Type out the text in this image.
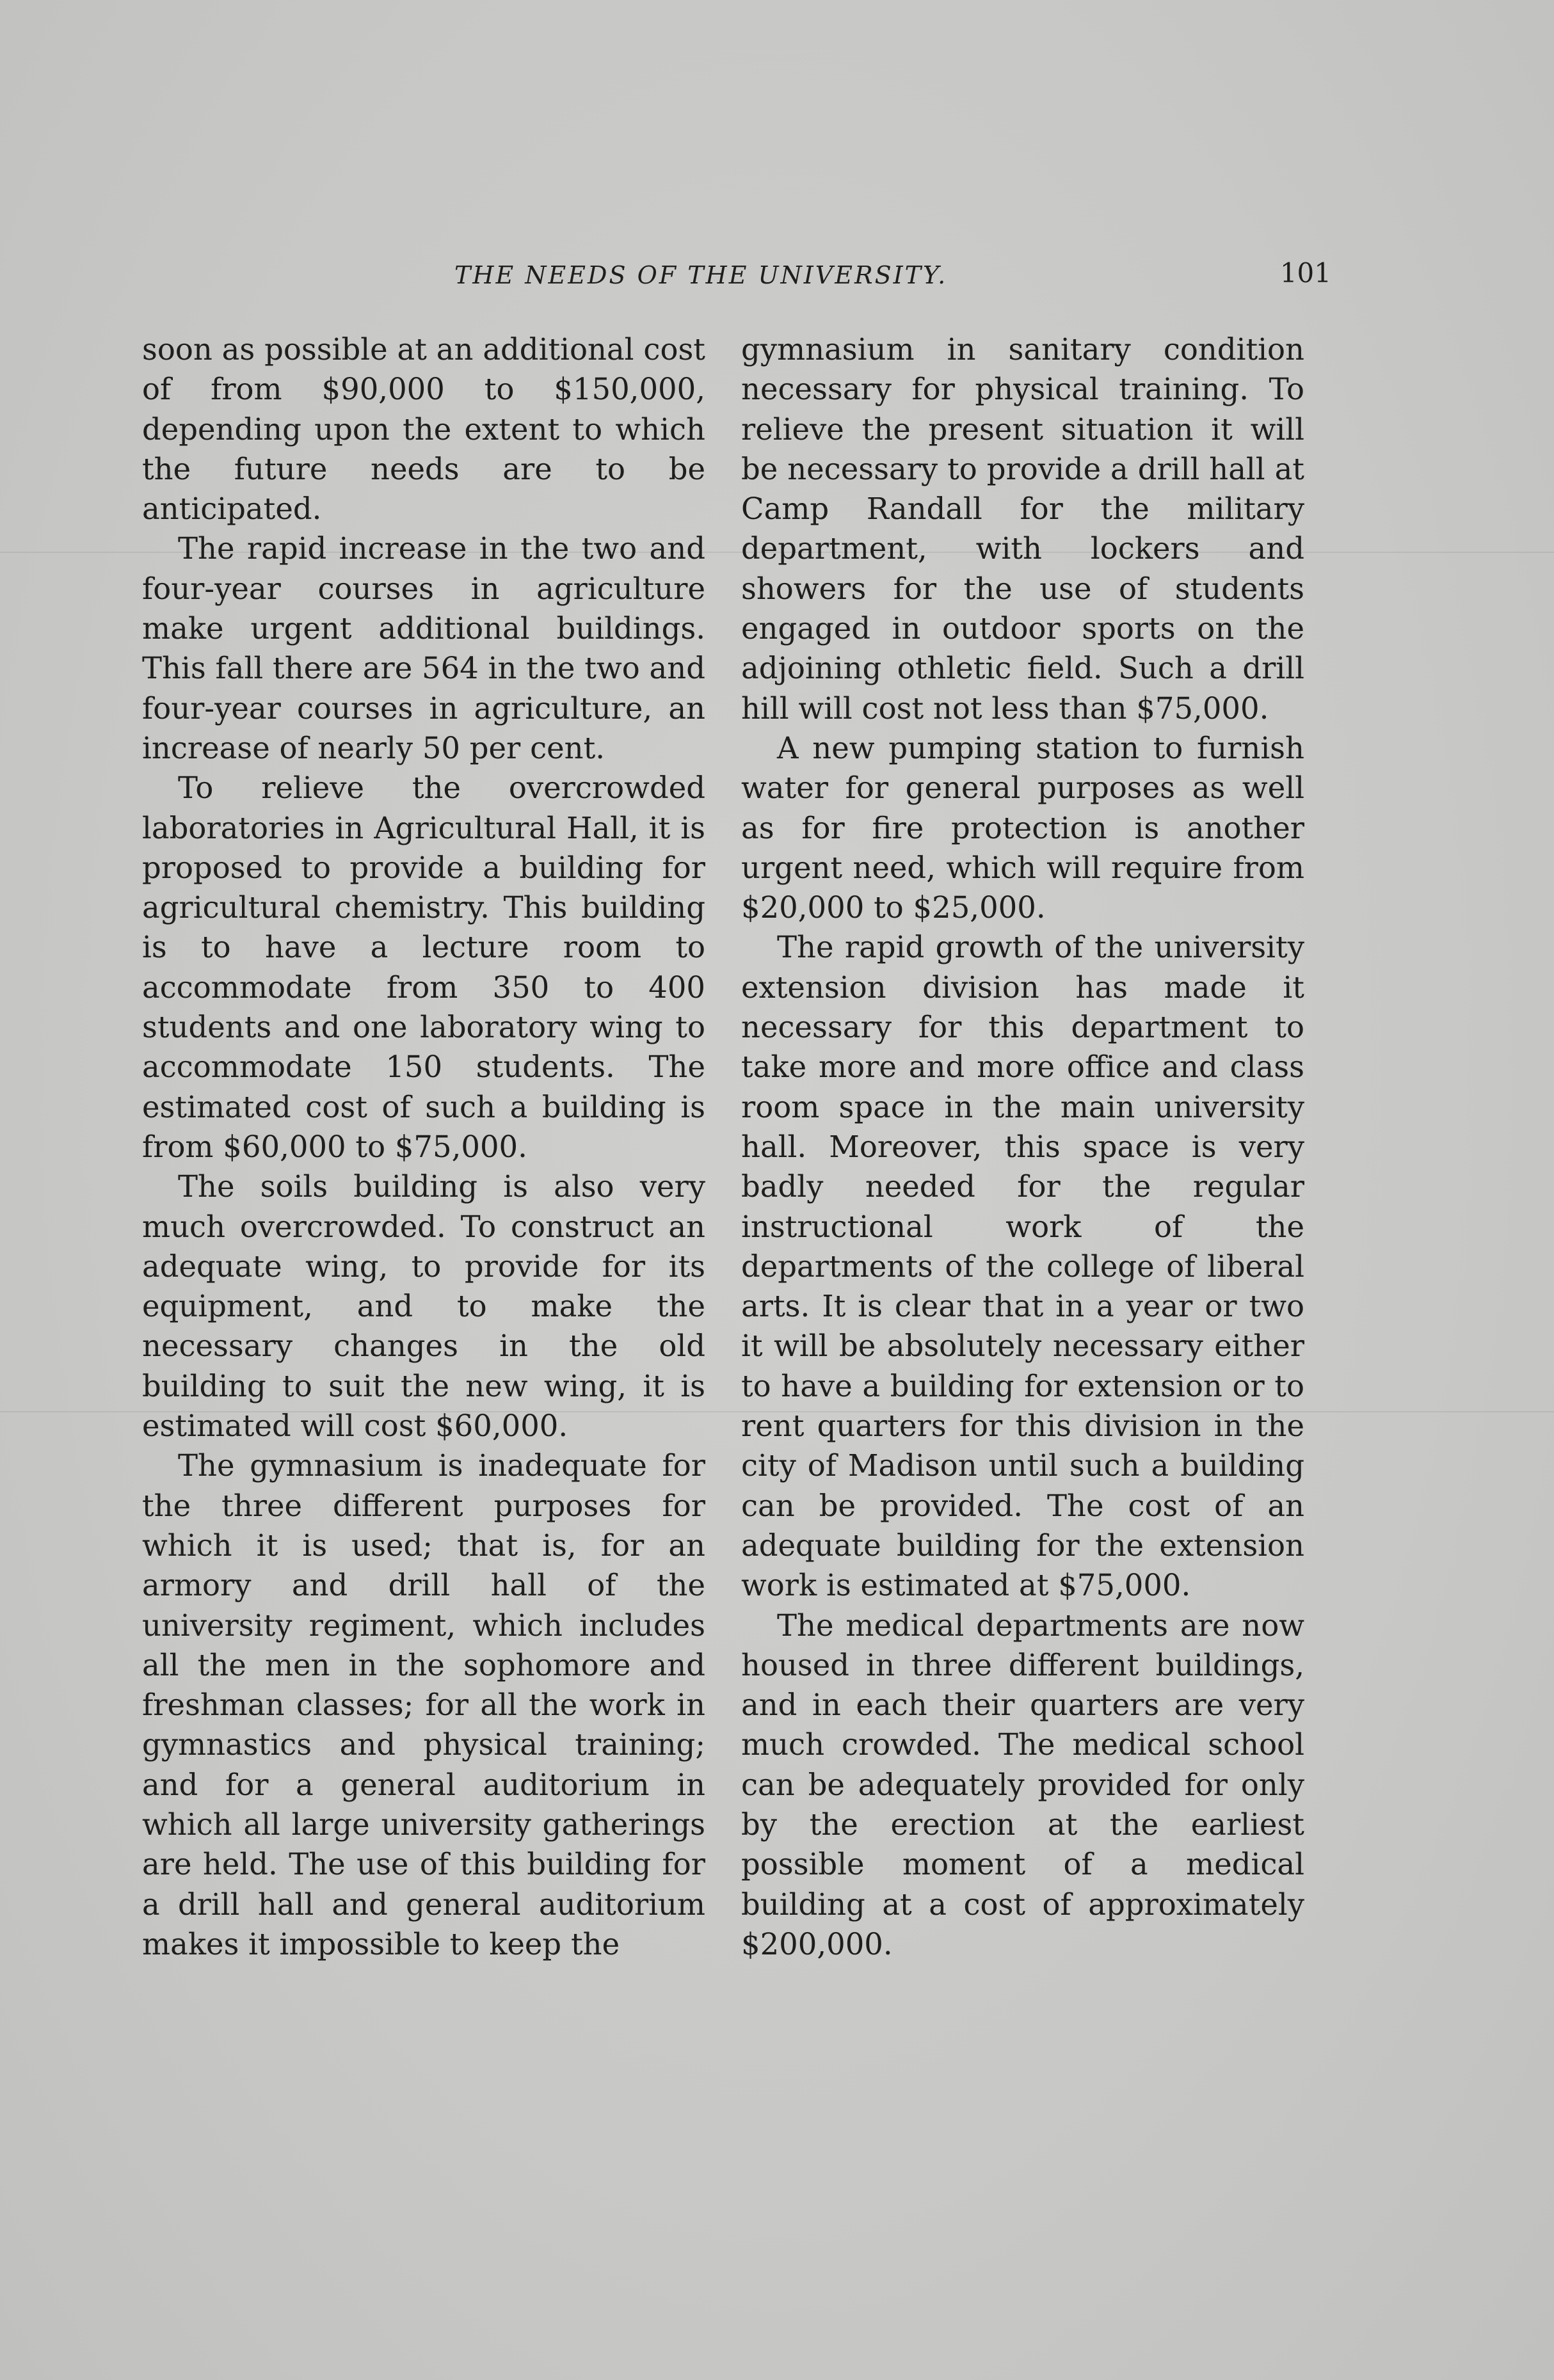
THE NEEDS OF THE UNIVERSITY.	101

soon as possible at an additional cost of from $90,000 to $150,000, depending upon the extent to which the future needs are to be anticipated.

The rapid increase in the two and four-year courses in agriculture make urgent additional buildings. This fall there are 564 in the two and four-year courses in agriculture, an increase of nearly 50 per cent.

To relieve the overcrowded laboratories in Agricultural Hall, it is proposed to provide a building for agricultural chemistry. This building is to have a lecture room to accommodate from 350 to 400 students and one laboratory wing to accommodate 150 students. The estimated cost of such a building is from $60,000 to $75,000.

The soils building is also very much overcrowded. To construct an adequate wing, to provide for its equipment, and to make the necessary changes in the old building to suit the new wing, it is estimated will cost $60,000.

The gymnasium is inadequate for the three different purposes for which it is used; that is, for an armory and drill hall of the university regiment, which includes all the men in the sophomore and freshman classes; for all the work in gymnastics and physical training; and for a general auditorium in which all large university gatherings are held. The use of this building for a drill hall and general auditorium makes it impossible to keep the

gymnasium in sanitary condition necessary for physical training. To relieve the present situation it will be necessary to provide a drill hall at Camp Randall for the military department, with lockers and showers for the use of students engaged in outdoor sports on the adjoining othletic field. Such a drill hill will cost not less than $75,000.

A new pumping station to furnish water for general purposes as well as for fire protection is another urgent need, which will require from $20,000 to $25,000.

The rapid growth of the university extension division has made it necessary for this department to take more and more office and class room space in the main university hall. Moreover, this space is very badly needed for the regular instructional work of the departments of the college of liberal arts. It is clear that in a year or two it will be absolutely necessary either to have a building for extension or to rent quarters for this division in the city of Madison until such a building can be provided. The cost of an adequate building for the extension work is estimated at $75,000.

The medical departments are now housed in three different buildings, and in each their quarters are very much crowded. The medical school can be adequately provided for only by the erection at the earliest possible moment of a medical building at a cost of approximately $200,000.
